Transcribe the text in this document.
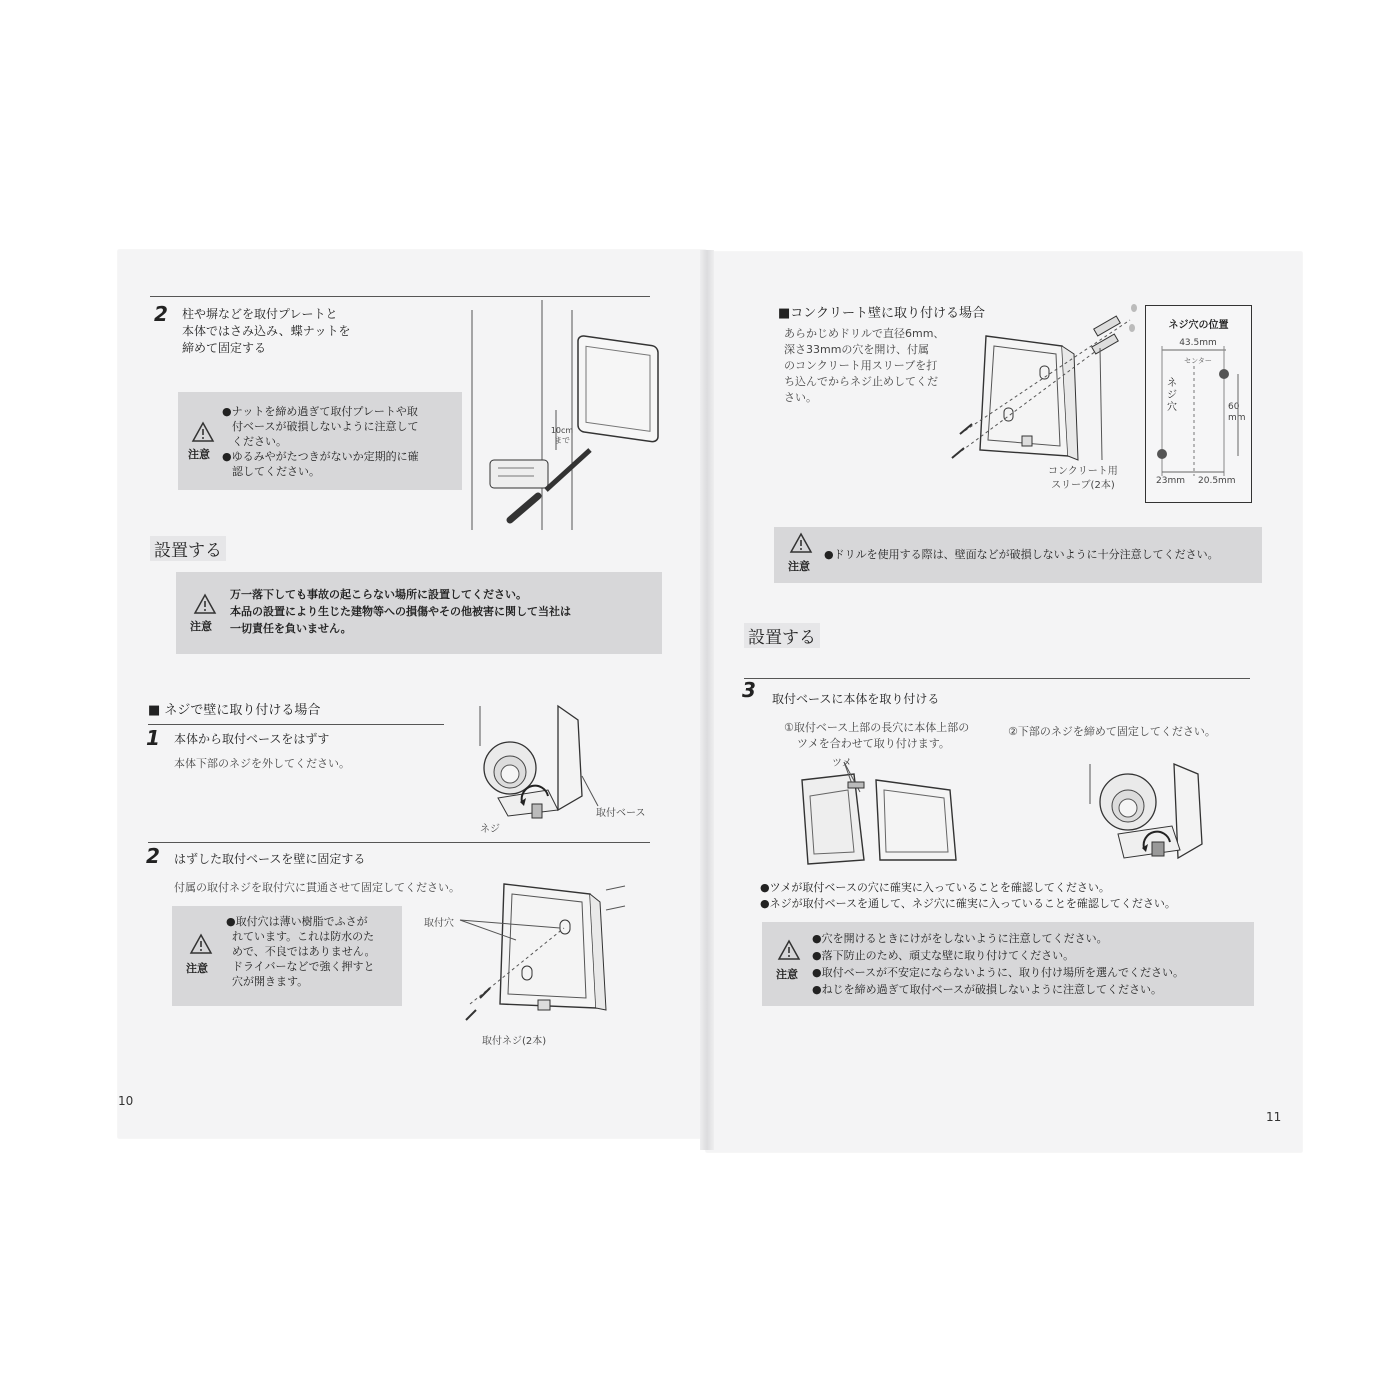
2 柱や塀などを取付プレートと
本体ではさみ込み、蝶ナットを
締めて固定する
注意
●ナットを締め過ぎて取付プレートや取
付ベースが破損しないように注意して
ください。
●ゆるみやがたつきがないか定期的に確
認してください。
10cm まで
設置する
注意
万一落下しても事故の起こらない場所に設置してください。
本品の設置により生じた建物等への損傷やその他被害に関して当社は
一切責任を負いません。
■ ネジで壁に取り付ける場合
1 本体から取付ベースをはずす
本体下部のネジを外してください。
取付ベース
ネジ
2 はずした取付ベースを壁に固定する
付属の取付ネジを取付穴に貫通させて固定してください。
注意
●取付穴は薄い樹脂でふさが
れています。これは防水のた
めで、不良ではありません。
ドライバーなどで強く押すと
穴が開きます。
取付穴
取付ネジ(2本)
10
■コンクリート壁に取り付ける場合
あらかじめドリルで直径6mm、
深さ33mmの穴を開け、付属
のコンクリート用スリーブを打
ち込んでからネジ止めしてくだ
さい。
コンクリート用
スリーブ(2本)
ネジ穴の位置
43.5mm
センター
ネジ穴	60 mm
23mm 20.5mm
注意
●ドリルを使用する際は、壁面などが破損しないように十分注意してください。
設置する
3 取付ベースに本体を取り付ける
①取付ベース上部の長穴に本体上部の
ツメを合わせて取り付けます。
②下部のネジを締めて固定してください。
ツメ
●ツメが取付ベースの穴に確実に入っていることを確認してください。
●ネジが取付ベースを通して、ネジ穴に確実に入っていることを確認してください。
注意
●穴を開けるときにけがをしないように注意してください。
●落下防止のため、頑丈な壁に取り付けてください。
●取付ベースが不安定にならないように、取り付け場所を選んでください。
●ねじを締め過ぎて取付ベースが破損しないように注意してください。
11
